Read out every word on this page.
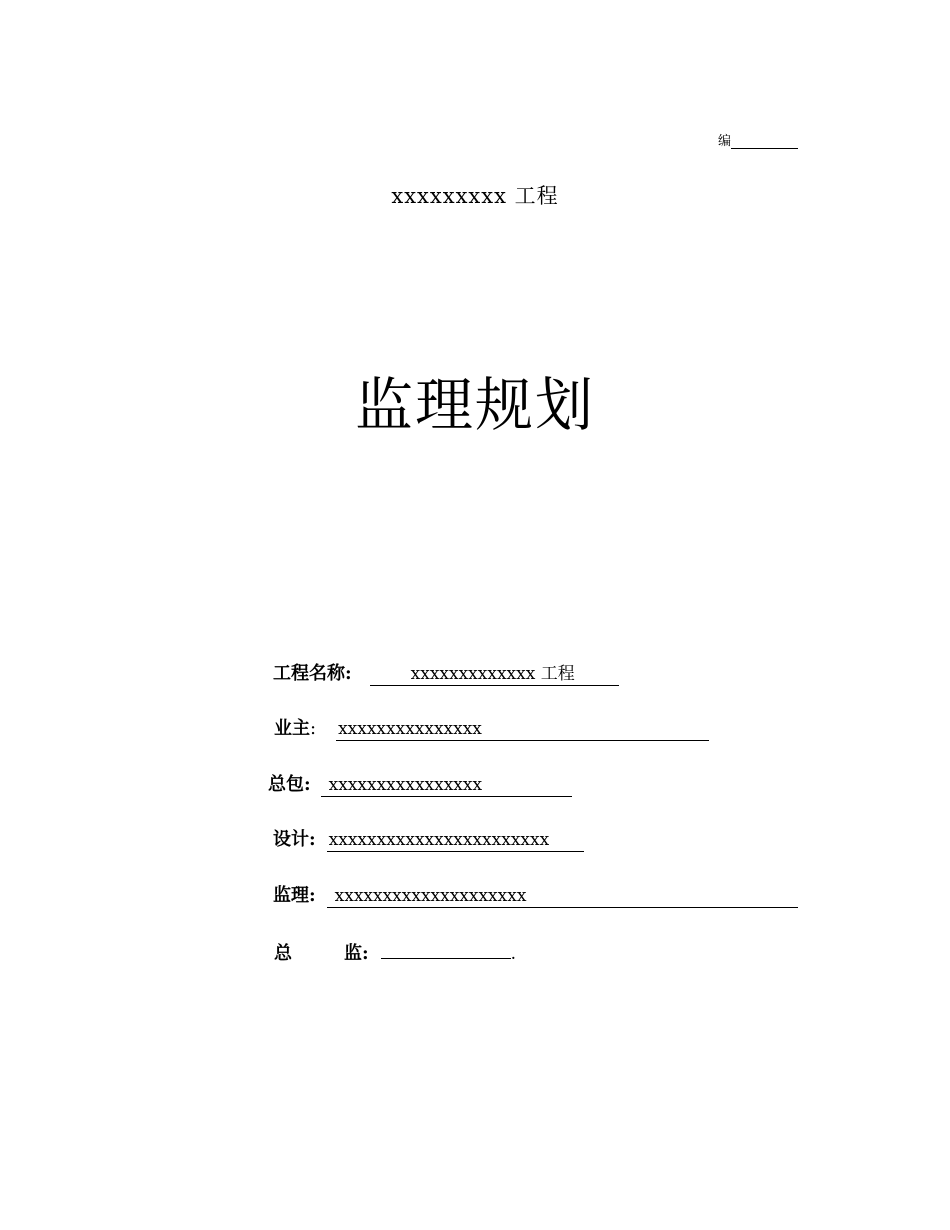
编
xxxxxxxxx 工程
监理规划
工程名称:	xxxxxxxxxxxxx 工程
业主: xxxxxxxxxxxxxxx
总包: xxxxxxxxxxxxxxxx
设计: xxxxxxxxxxxxxxxxxxxxxxx
监理: xxxxxxxxxxxxxxxxxxxx
总	监:	.
